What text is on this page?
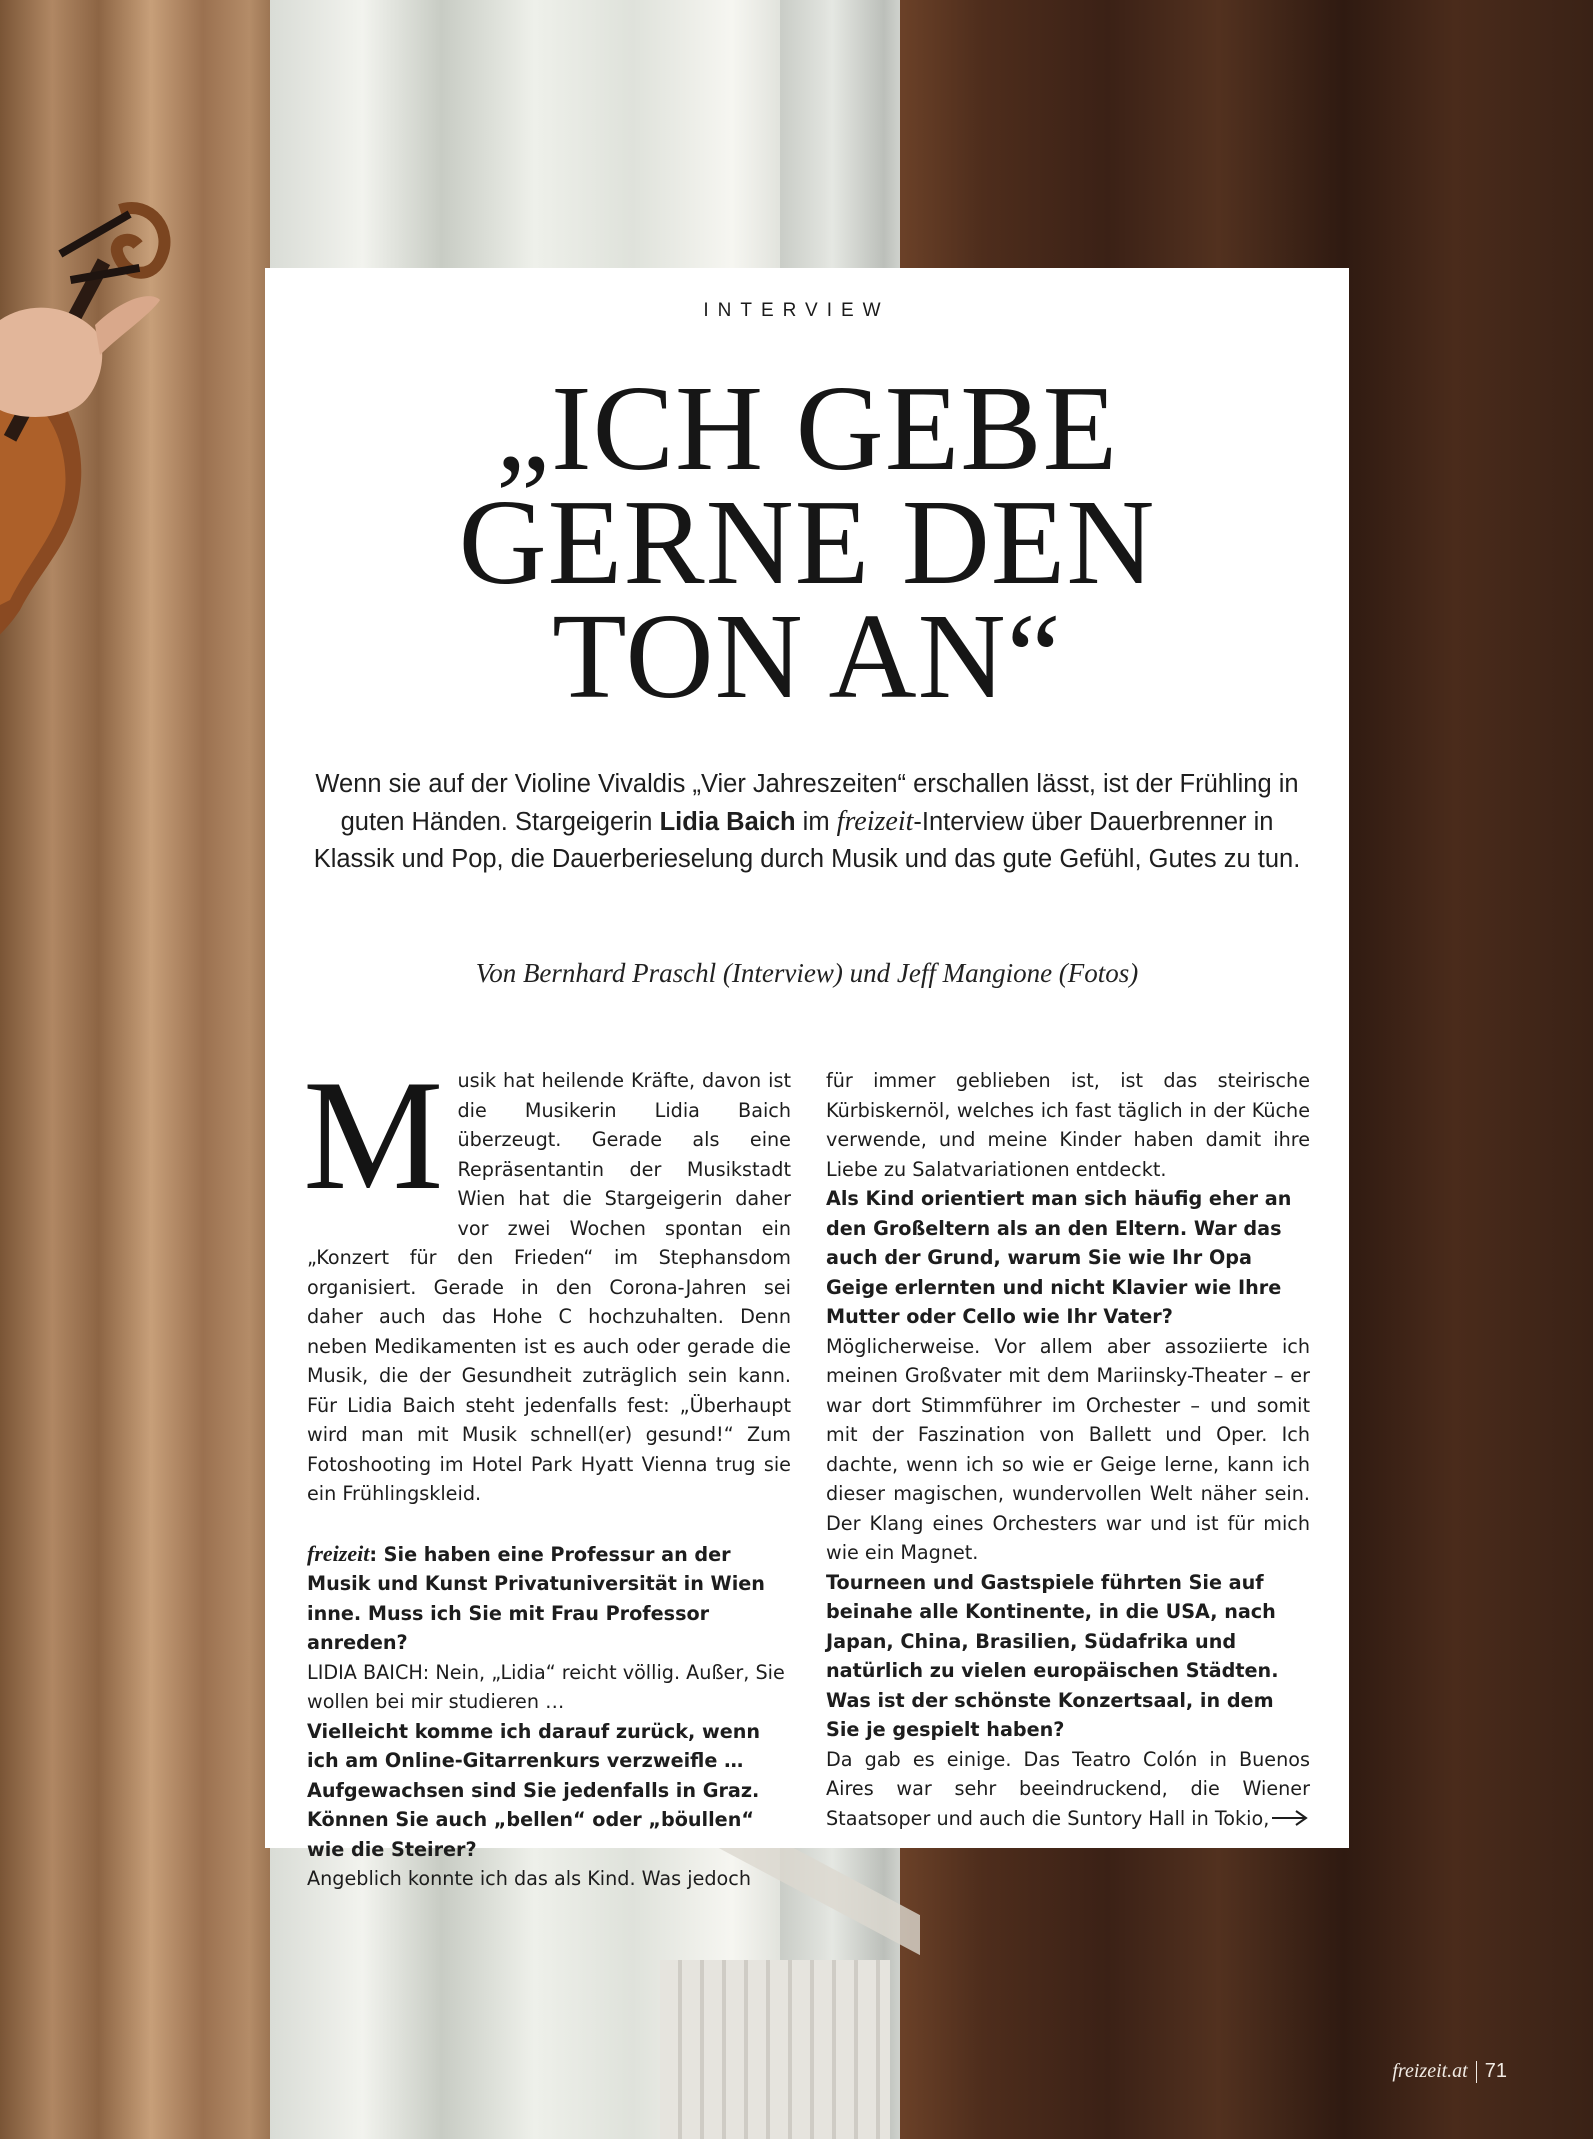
INTERVIEW
„ICH GEBE
GERNE DEN
TON AN“

Wenn sie auf der Violine Vivaldis „Vier Jahreszeiten“ erschallen lässt, ist der Frühling in guten Händen. Stargeigerin Lidia Baich im freizeit-Interview über Dauerbrenner in Klassik und Pop, die Dauerberieselung durch Musik und das gute Gefühl, Gutes zu tun.

Von Bernhard Praschl (Interview) und Jeff Mangione (Fotos)
M usik hat heilende Kräfte, davon ist die Musikerin Lidia Baich überzeugt. Gerade als eine Repräsentantin der Musikstadt Wien hat die Stargeigerin daher vor zwei Wochen spontan ein „Konzert für den Frieden“ im Stephansdom organisiert. Gerade in den Corona-Jahren sei daher auch das Hohe C hochzuhalten. Denn neben Medikamenten ist es auch oder gerade die Musik, die der Gesundheit zuträglich sein kann. Für Lidia Baich steht jedenfalls fest: „Überhaupt wird man mit Musik schnell(er) gesund!“ Zum Fotoshooting im Hotel Park Hyatt Vienna trug sie ein Frühlingskleid.

freizeit: Sie haben eine Professur an der Musik und Kunst Privatuniversität in Wien inne. Muss ich Sie mit Frau Professor anreden?

LIDIA BAICH: Nein, „Lidia“ reicht völlig. Außer, Sie wollen bei mir studieren …

Vielleicht komme ich darauf zurück, wenn ich am Online-Gitarrenkurs verzweifle … Aufgewachsen sind Sie jedenfalls in Graz. Können Sie auch „bellen“ oder „böullen“ wie die Steirer?

Angeblich konnte ich das als Kind. Was jedoch

für immer geblieben ist, ist das steirische Kürbiskernöl, welches ich fast täglich in der Küche verwende, und meine Kinder haben damit ihre Liebe zu Salatvariationen entdeckt.

Als Kind orientiert man sich häufig eher an den Großeltern als an den Eltern. War das auch der Grund, warum Sie wie Ihr Opa Geige erlernten und nicht Klavier wie Ihre Mutter oder Cello wie Ihr Vater?

Möglicherweise. Vor allem aber assoziierte ich meinen Großvater mit dem Mariinsky-Theater – er war dort Stimmführer im Orchester – und somit mit der Faszination von Ballett und Oper. Ich dachte, wenn ich so wie er Geige lerne, kann ich dieser magischen, wundervollen Welt näher sein. Der Klang eines Orchesters war und ist für mich wie ein Magnet.

Tourneen und Gastspiele führten Sie auf beinahe alle Kontinente, in die USA, nach Japan, China, Brasilien, Südafrika und natürlich zu vielen europäischen Städten. Was ist der schönste Konzertsaal, in dem Sie je gespielt haben?

Da gab es einige. Das Teatro Colón in Buenos Aires war sehr beeindruckend, die Wiener Staatsoper und auch die Suntory Hall in Tokio,

freizeit.at 71
